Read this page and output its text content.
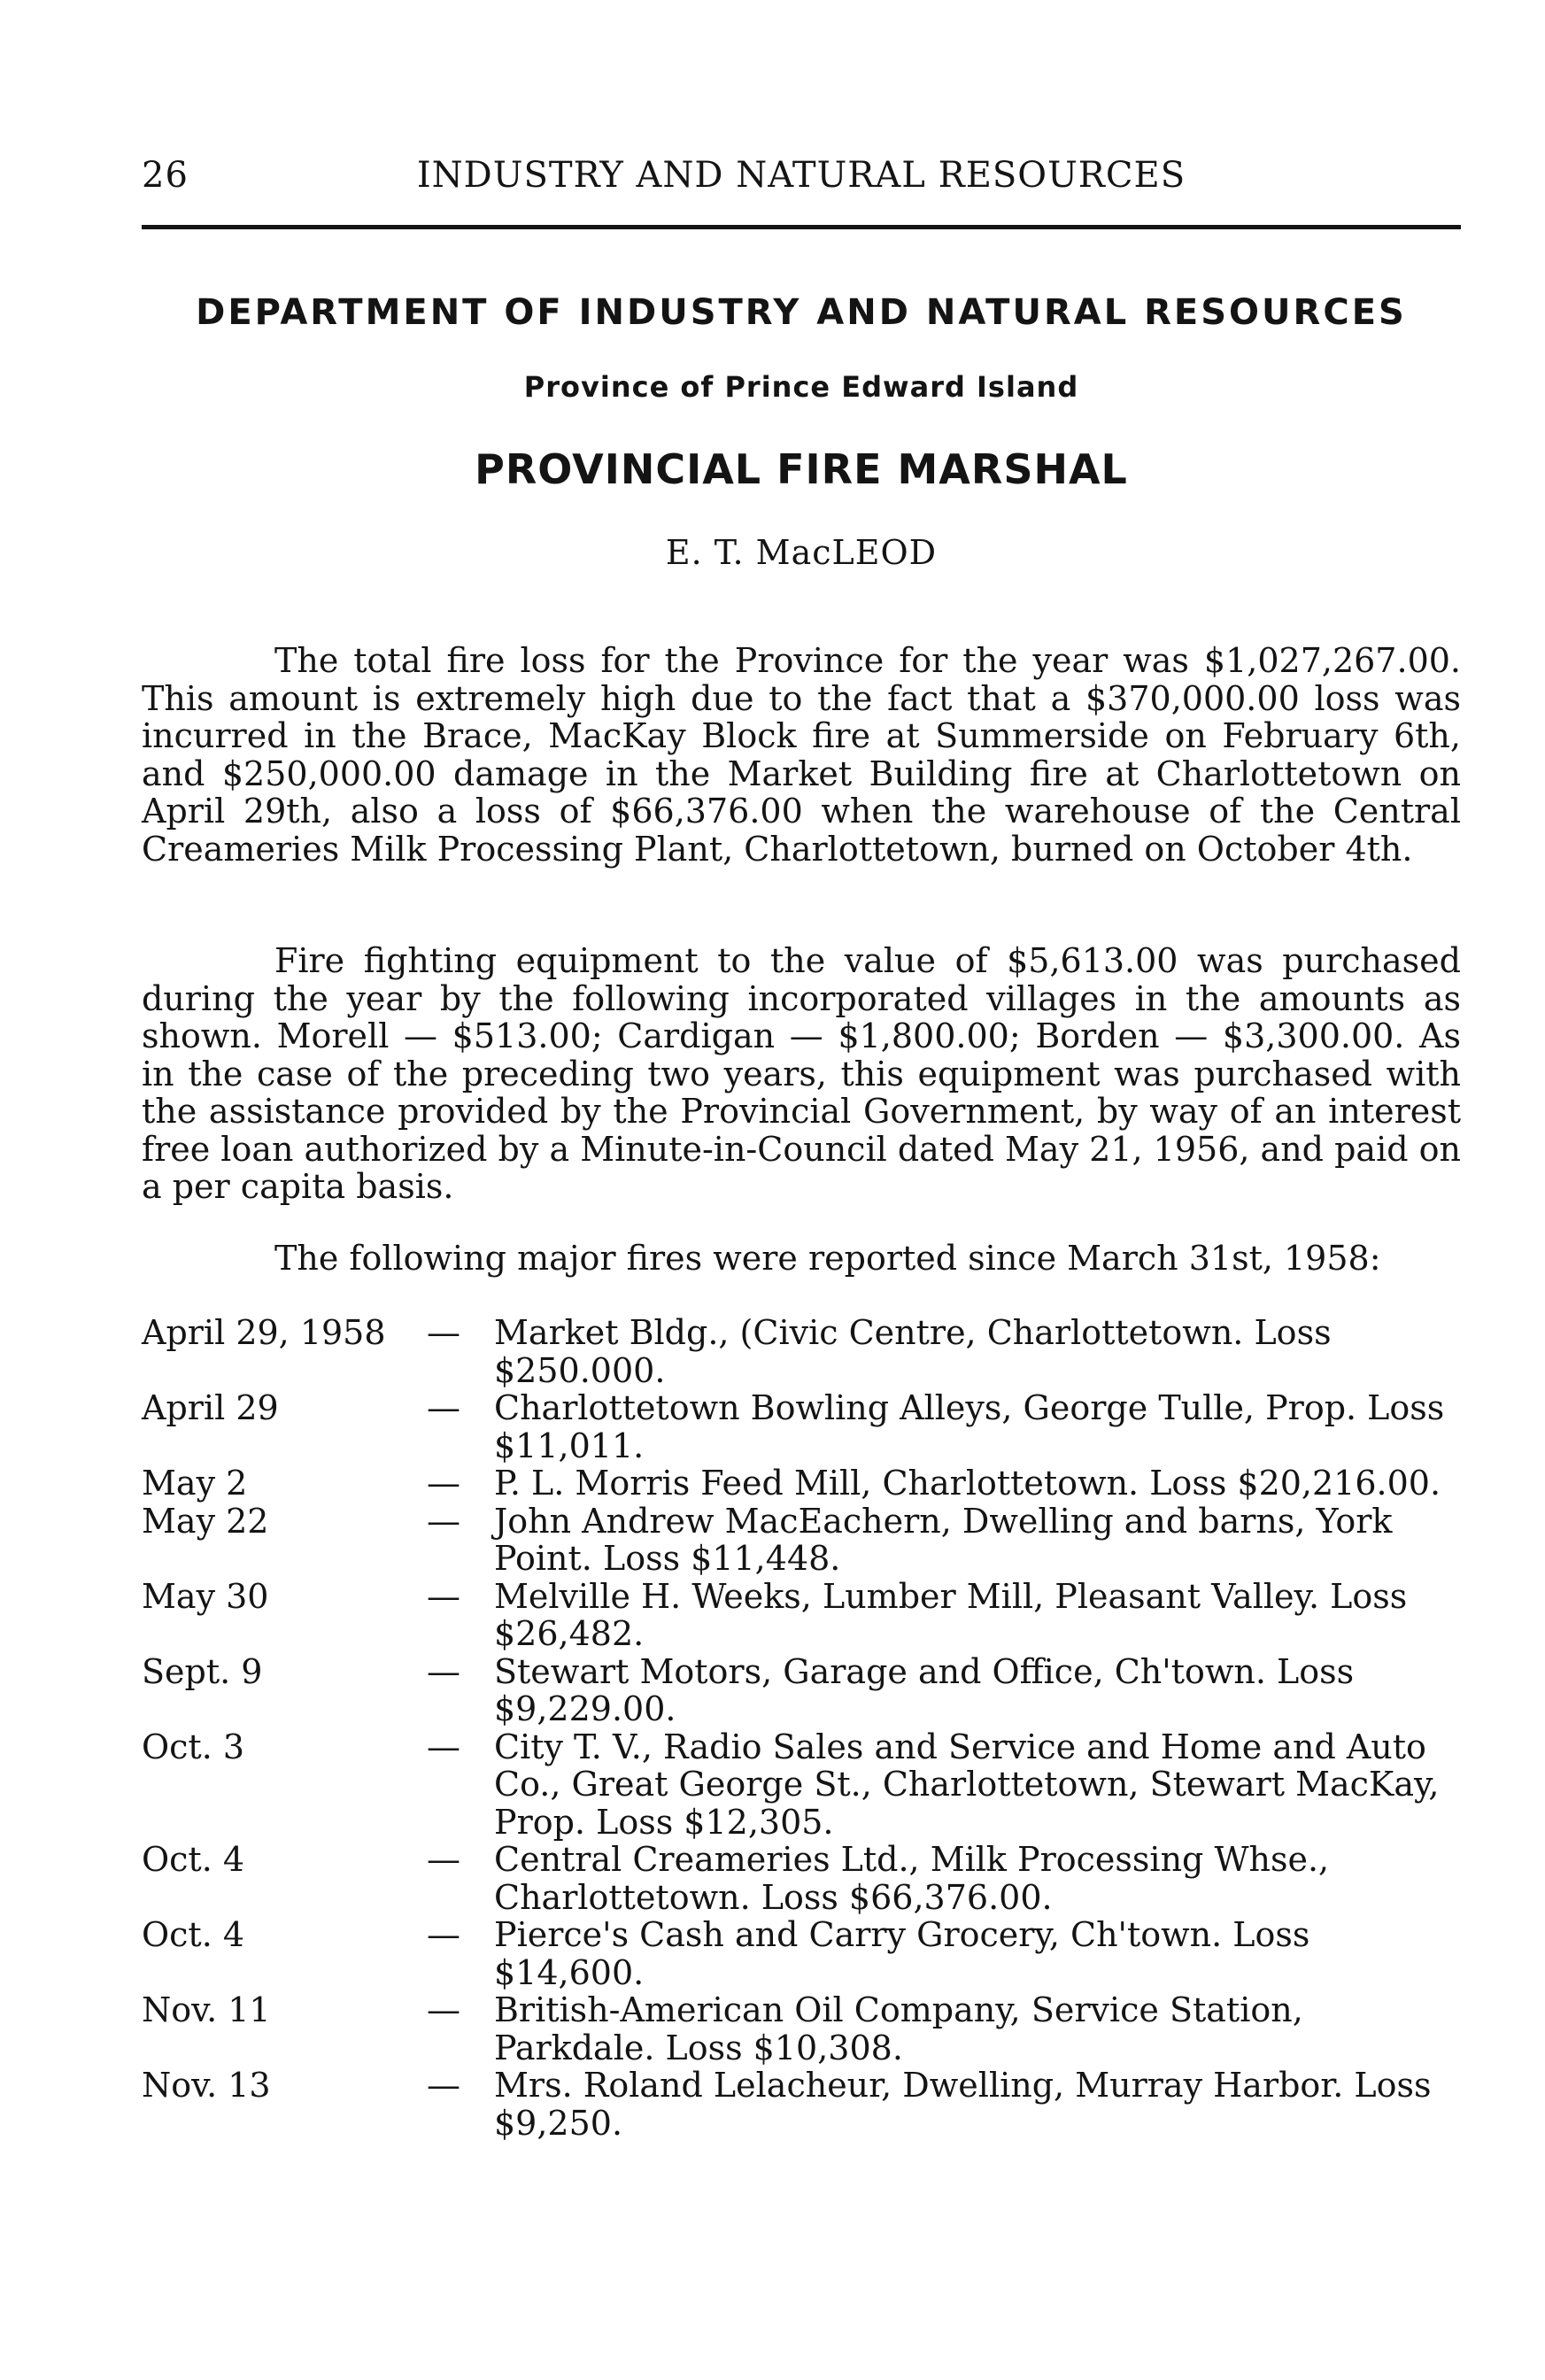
26	INDUSTRY AND NATURAL RESOURCES
DEPARTMENT OF INDUSTRY AND NATURAL RESOURCES
Province of Prince Edward Island
PROVINCIAL FIRE MARSHAL
E. T. MacLEOD

The total fire loss for the Province for the year was $1,027,267.00. This amount is extremely high due to the fact that a $370,000.00 loss was incurred in the Brace, MacKay Block fire at Summerside on February 6th, and $250,000.00 damage in the Market Building fire at Charlottetown on April 29th, also a loss of $66,376.00 when the warehouse of the Central Creameries Milk Processing Plant, Charlottetown, burned on October 4th.

Fire fighting equipment to the value of $5,613.00 was purchased during the year by the following incorporated villages in the amounts as shown. Morell — $513.00; Cardigan — $1,800.00; Borden — $3,300.00. As in the case of the preceding two years, this equipment was purchased with the assistance provided by the Provincial Government, by way of an interest free loan authorized by a Minute-in-Council dated May 21, 1956, and paid on a per capita basis.

The following major fires were reported since March 31st, 1958:

April 29, 1958	—	Market Bldg., (Civic Centre, Charlottetown. Loss $250.000.
April 29	—	Charlottetown Bowling Alleys, George Tulle, Prop. Loss $11,011.
May 2	—	P. L. Morris Feed Mill, Charlottetown. Loss $20,216.00.
May 22	—	John Andrew MacEachern, Dwelling and barns, York Point. Loss $11,448.
May 30	—	Melville H. Weeks, Lumber Mill, Pleasant Valley. Loss $26,482.
Sept. 9	—	Stewart Motors, Garage and Office, Ch'town. Loss $9,229.00.
Oct. 3	—	City T. V., Radio Sales and Service and Home and Auto Co., Great George St., Charlottetown, Stewart MacKay, Prop. Loss $12,305.
Oct. 4	—	Central Creameries Ltd., Milk Processing Whse., Charlottetown. Loss $66,376.00.
Oct. 4	—	Pierce's Cash and Carry Grocery, Ch'town. Loss $14,600.
Nov. 11	—	British-American Oil Company, Service Station, Parkdale. Loss $10,308.
Nov. 13	—	Mrs. Roland Lelacheur, Dwelling, Murray Harbor. Loss $9,250.
